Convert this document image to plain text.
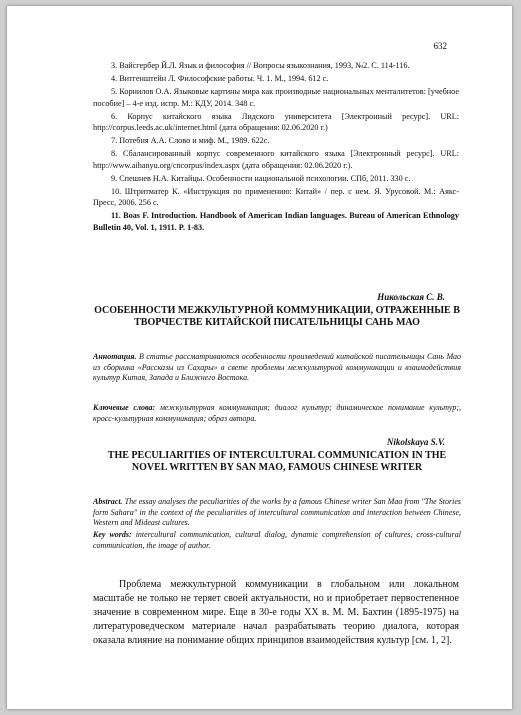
632

3. Вайсгербер Й.Л. Язык и философия // Вопросы языкознания, 1993, №2. С. 114-116.

4. Витгенштейн Л. Философские работы. Ч. 1. М., 1994. 612 с.

5. Корнилов О.А. Языковые картины мира как производные национальных менталитетов: [учебное пособие] – 4-е изд. испр. М.: КДУ, 2014. 348 с.

6. Корпус китайского языка Лидского университета [Электронный ресурс]. URL: http://corpus.leeds.ac.uk/internet.html (дата обращения: 02.06.2020 г.)

7. Потебня А.А. Слово и миф. М., 1989. 622с.

8. Сбалансированный корпус современного китайского языка [Электронный ресурс]. URL: http://www.aihanyu.org/cncorpus/index.aspx (дата обращения: 02.06.2020 г.).

9. Спешнев Н.А. Китайцы. Особенности национальной психологии. СПб, 2011. 330 с.

10. Штритматер К. «Инструкция по применению: Китай» / пер. с нем. Я. Урусовой. М.: Аякс-Пресс, 2006. 256 с.

11. Boas F. Introduction. Handbook of American Indian languages. Bureau of American Ethnology Bulletin 40, Vol. 1, 1911. P. 1-83.

Никольская С. В.
ОСОБЕННОСТИ МЕЖКУЛЬТУРНОЙ КОММУНИКАЦИИ, ОТРАЖЕННЫЕ В ТВОРЧЕСТВЕ КИТАЙСКОЙ ПИСАТЕЛЬНИЦЫ САНЬ МАО
Аннотация. В статье рассматриваются особенности произведений китайской писательницы Сань Мао из сборника «Рассказы из Сахары» в свете проблемы межкультурной коммуникации и взаимодействия культур Китая, Запада и Ближнего Востока.
Ключевые слова: межкультурная коммуникация; диалог культур; динамическое понимание культур;, кросс-культурная коммуникация; образ автора.
Nikolskaya S.V.
THE PECULIARITIES OF INTERCULTURAL COMMUNICATION IN THE NOVEL WRITTEN BY SAN MAO, FAMOUS CHINESE WRITER
Abstract. The essay analyses the peculiarities of the works by a famous Chinese writer San Mao from "The Stories form Sahara" in the context of the peculiarities of intercultural communication and interaction between Chinese, Western and Mideast cultures.
Key words: intercultural communication, cultural dialog, dynamic comprehension of cultures, cross-cultural communication, the image of author.

Проблема межкультурной коммуникации в глобальном или локальном масштабе не только не теряет своей актуальности, но и приобретает первостепенное значение в современном мире. Еще в 30-е годы XX в. М. М. Бахтин (1895-1975) на литературоведческом материале начал разрабатывать теорию диалога, которая оказала влияние на понимание общих принципов взаимодействия культур [см. 1, 2].
